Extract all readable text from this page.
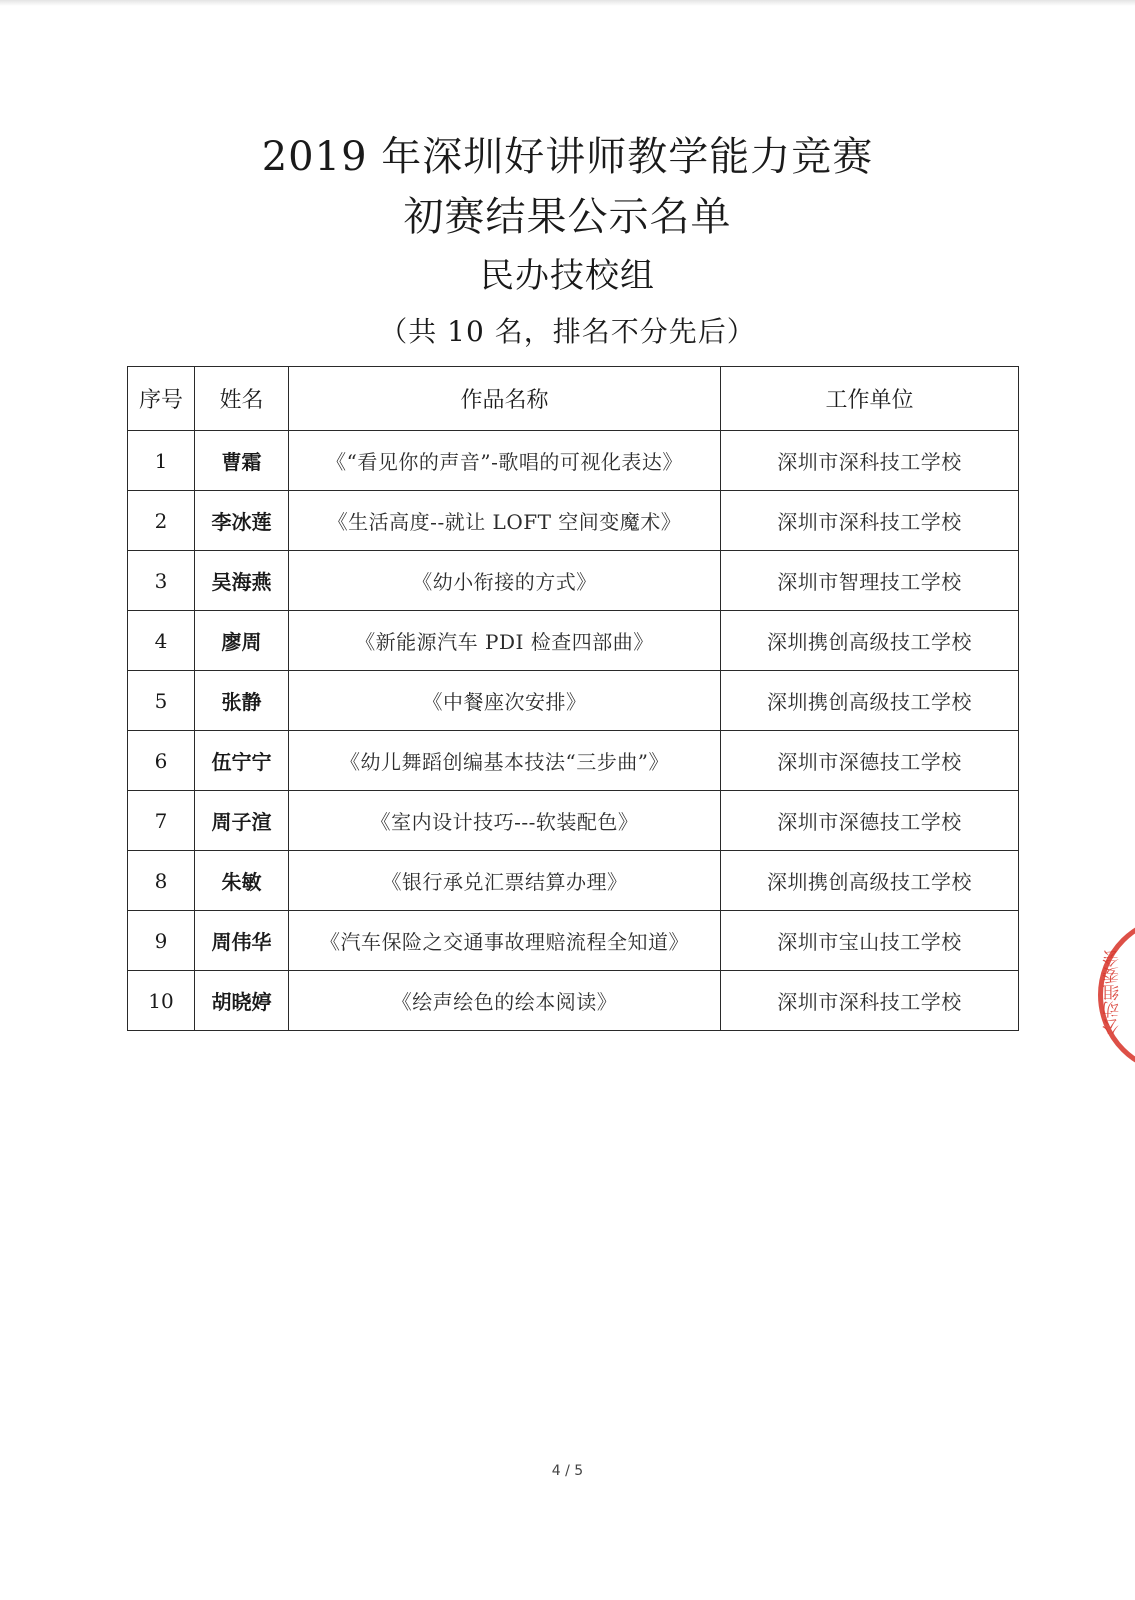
2019 年深圳好讲师教学能力竞赛
初赛结果公示名单
民办技校组
（共 10 名，排名不分先后）
序号	姓名	作品名称	工作单位
1	曹霜	《“看见你的声音”-歌唱的可视化表达》	深圳市深科技工学校
2	李冰莲	《生活高度--就让 LOFT 空间变魔术》	深圳市深科技工学校
3	吴海燕	《幼小衔接的方式》	深圳市智理技工学校
4	廖周	《新能源汽车 PDI 检查四部曲》	深圳携创高级技工学校
5	张静	《中餐座次安排》	深圳携创高级技工学校
6	伍宁宁	《幼儿舞蹈创编基本技法“三步曲”》	深圳市深德技工学校
7	周子渲	《室内设计技巧---软装配色》	深圳市深德技工学校
8	朱敏	《银行承兑汇票结算办理》	深圳携创高级技工学校
9	周伟华	《汽车保险之交通事故理赔流程全知道》	深圳市宝山技工学校
10	胡晓婷	《绘声绘色的绘本阅读》	深圳市深科技工学校
4 / 5
公动组委会
